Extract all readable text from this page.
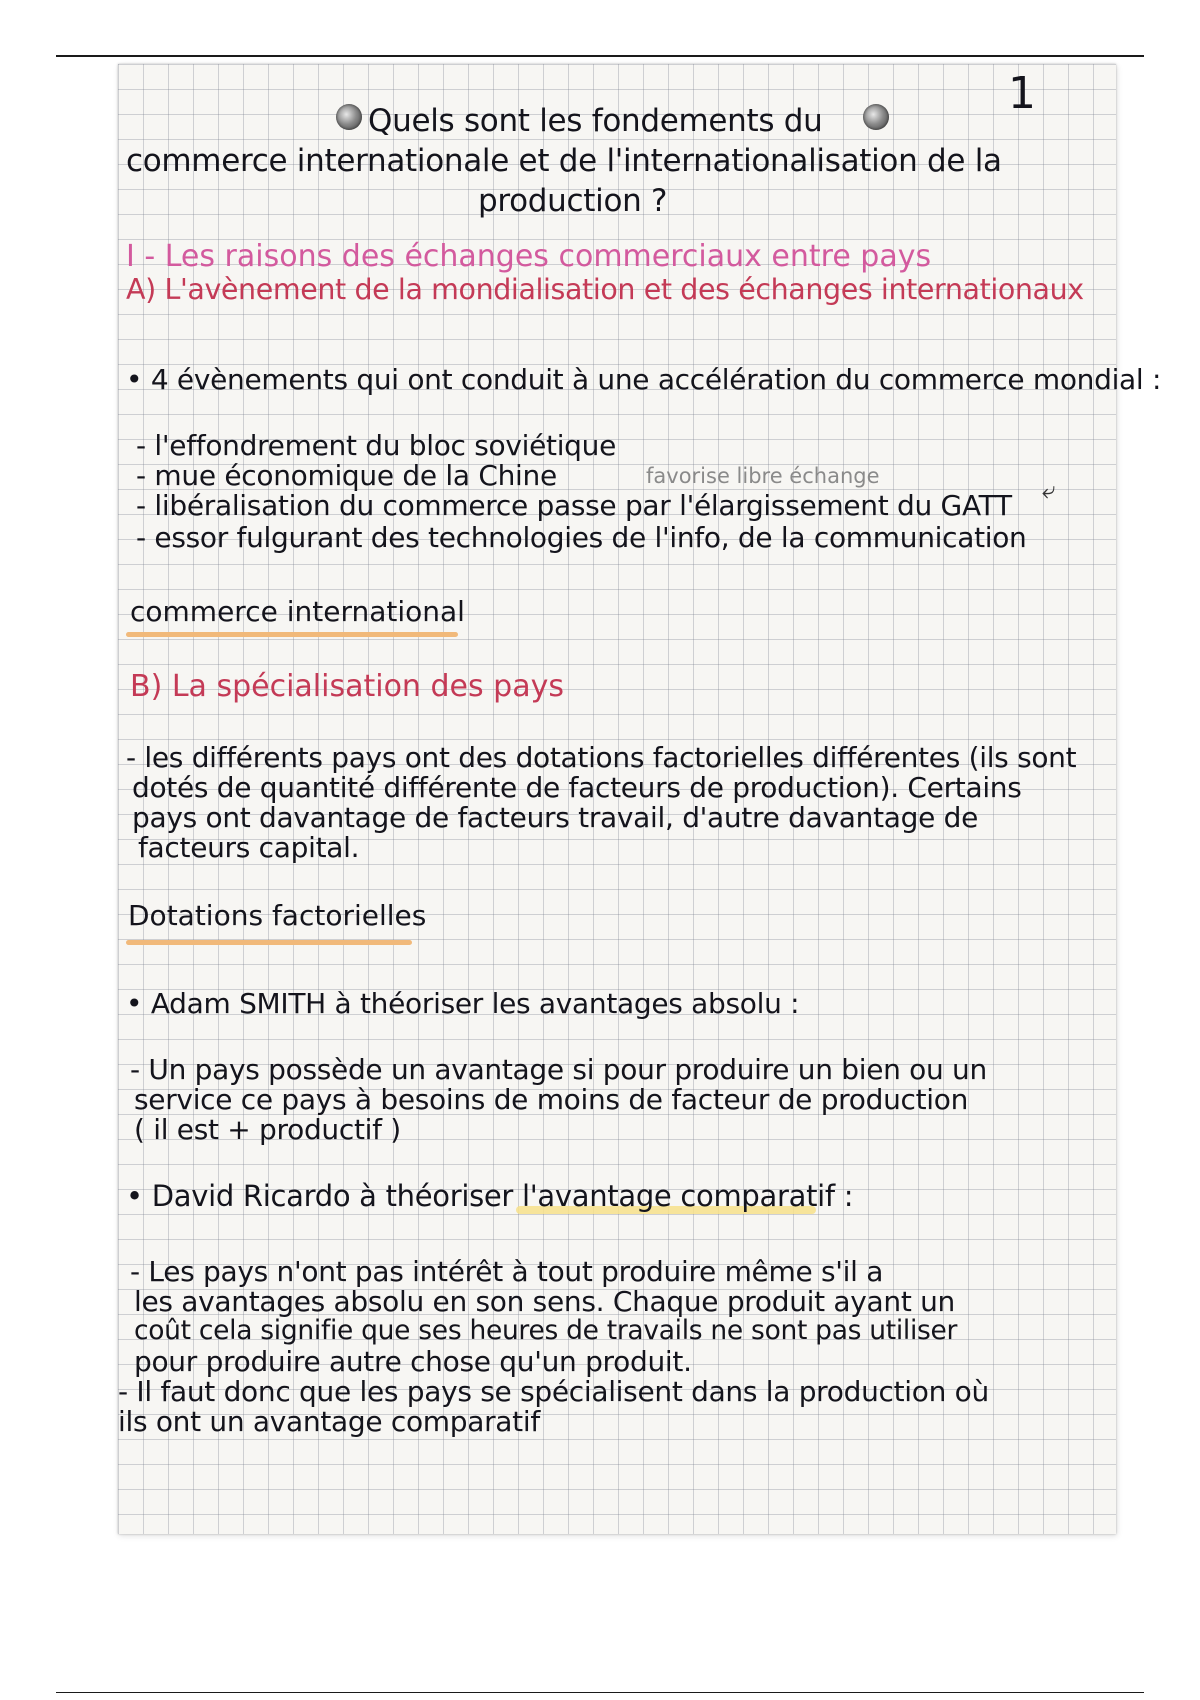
1
Quels sont les fondements du
commerce internationale et de l'internationalisation de la
production ?
I - Les raisons des échanges commerciaux entre pays
A) L'avènement de la mondialisation et des échanges internationaux
• 4 évènements qui ont conduit à une accélération du commerce mondial :
- l'effondrement du bloc soviétique
- mue économique de la Chine	favorise libre échange	⤶
- libéralisation du commerce passe par l'élargissement du GATT
- essor fulgurant des technologies de l'info, de la communication
commerce international
B) La spécialisation des pays
- les différents pays ont des dotations factorielles différentes (ils sont
dotés de quantité différente de facteurs de production). Certains
pays ont davantage de facteurs travail, d'autre davantage de
facteurs capital.
Dotations factorielles
• Adam SMITH à théoriser les avantages absolu :
- Un pays possède un avantage si pour produire un bien ou un
service ce pays à besoins de moins de facteur de production
( il est + productif )
• David Ricardo à théoriser l'avantage comparatif :
- Les pays n'ont pas intérêt à tout produire même s'il a
les avantages absolu en son sens. Chaque produit ayant un
coût cela signifie que ses heures de travails ne sont pas utiliser
pour produire autre chose qu'un produit.
- Il faut donc que les pays se spécialisent dans la production où
ils ont un avantage comparatif
